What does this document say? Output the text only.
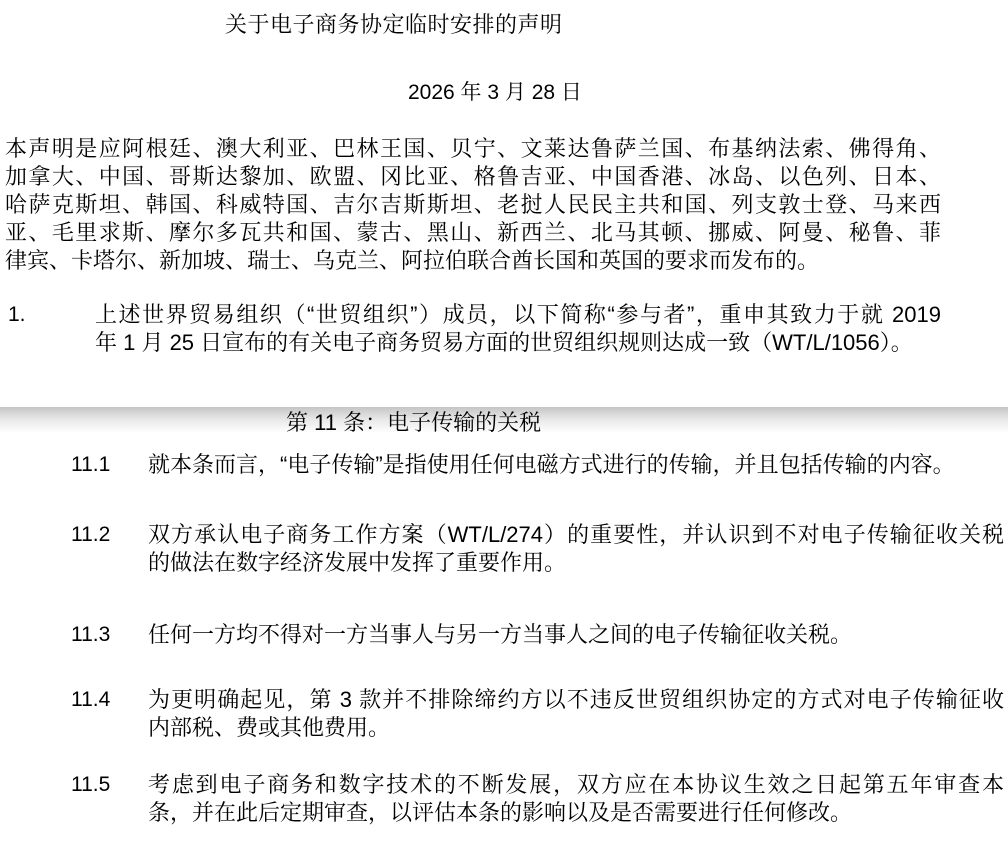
关于电子商务协定临时安排的声明
2026 年 3 月 28 日
本声明是应阿根廷、澳大利亚、巴林王国、贝宁、文莱达鲁萨兰国、布基纳法索、佛得角、
加拿大、中国、哥斯达黎加、欧盟、冈比亚、格鲁吉亚、中国香港、冰岛、以色列、日本、
哈萨克斯坦、韩国、科威特国、吉尔吉斯斯坦、老挝人民民主共和国、列支敦士登、马来西
亚、毛里求斯、摩尔多瓦共和国、蒙古、黑山、新西兰、北马其顿、挪威、阿曼、秘鲁、菲
律宾、卡塔尔、新加坡、瑞士、乌克兰、阿拉伯联合酋长国和英国的要求而发布的。
1.	上述世界贸易组织（“世贸组织”）成员，以下简称“参与者”，重申其致力于就 2019
年 1 月 25 日宣布的有关电子商务贸易方面的世贸组织规则达成一致（WT/L/1056）。
第 11 条：电子传输的关税
11.1	就本条而言，“电子传输”是指使用任何电磁方式进行的传输，并且包括传输的内容。
11.2	双方承认电子商务工作方案（WT/L/274）的重要性，并认识到不对电子传输征收关税
的做法在数字经济发展中发挥了重要作用。
11.3	任何一方均不得对一方当事人与另一方当事人之间的电子传输征收关税。
11.4	为更明确起见，第 3 款并不排除缔约方以不违反世贸组织协定的方式对电子传输征收
内部税、费或其他费用。
11.5	考虑到电子商务和数字技术的不断发展，双方应在本协议生效之日起第五年审查本
条，并在此后定期审查，以评估本条的影响以及是否需要进行任何修改。
